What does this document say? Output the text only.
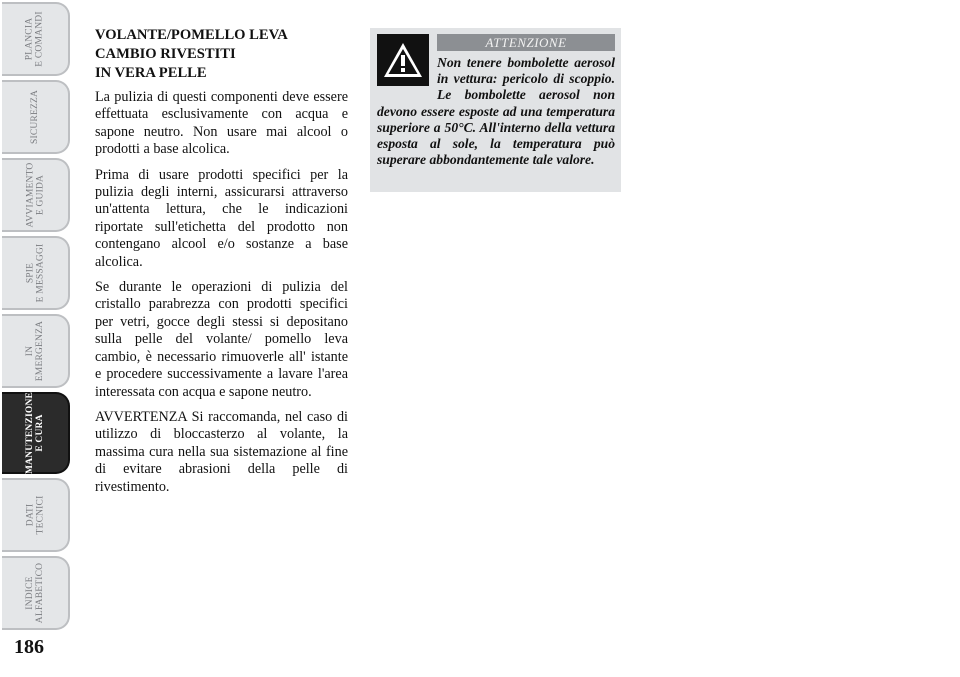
PLANCIA E COMANDI
SICUREZZA
AVVIAMENTO E GUIDA
SPIE E MESSAGGI
IN EMERGENZA
MANUTENZIONE E CURA
DATI TECNICI
INDICE ALFABETICO
186
VOLANTE/POMELLO LEVA
CAMBIO RIVESTITI
IN VERA PELLE

La pulizia di questi componenti deve essere effettuata esclusivamente con acqua e sapone neutro. Non usare mai alcool o prodotti a base alcolica.

Prima di usare prodotti specifici per la pulizia degli interni, assicurarsi attraverso un'attenta lettura, che le indicazioni riportate sull'etichetta del prodotto non contengano alcool e/o sostanze a base alcolica.

Se durante le operazioni di pulizia del cristallo parabrezza con prodotti specifici per vetri, gocce degli stessi si depositano sulla pelle del volante/ pomello leva cambio, è necessario rimuoverle all' istante e procedere successivamente a lavare l'area interessata con acqua e sapone neutro.

AVVERTENZA Si raccomanda, nel caso di utilizzo di bloccasterzo al volante, la massima cura nella sua sistemazione al fine di evitare abrasioni della pelle di rivestimento.

ATTENZIONE

Non tenere bombolette aerosol in vettura: pericolo di scoppio. Le bombolette aerosol non devono essere esposte ad una temperatura superiore a 50°C. All'interno della vettura esposta al sole, la temperatura può superare abbondantemente tale valore.
